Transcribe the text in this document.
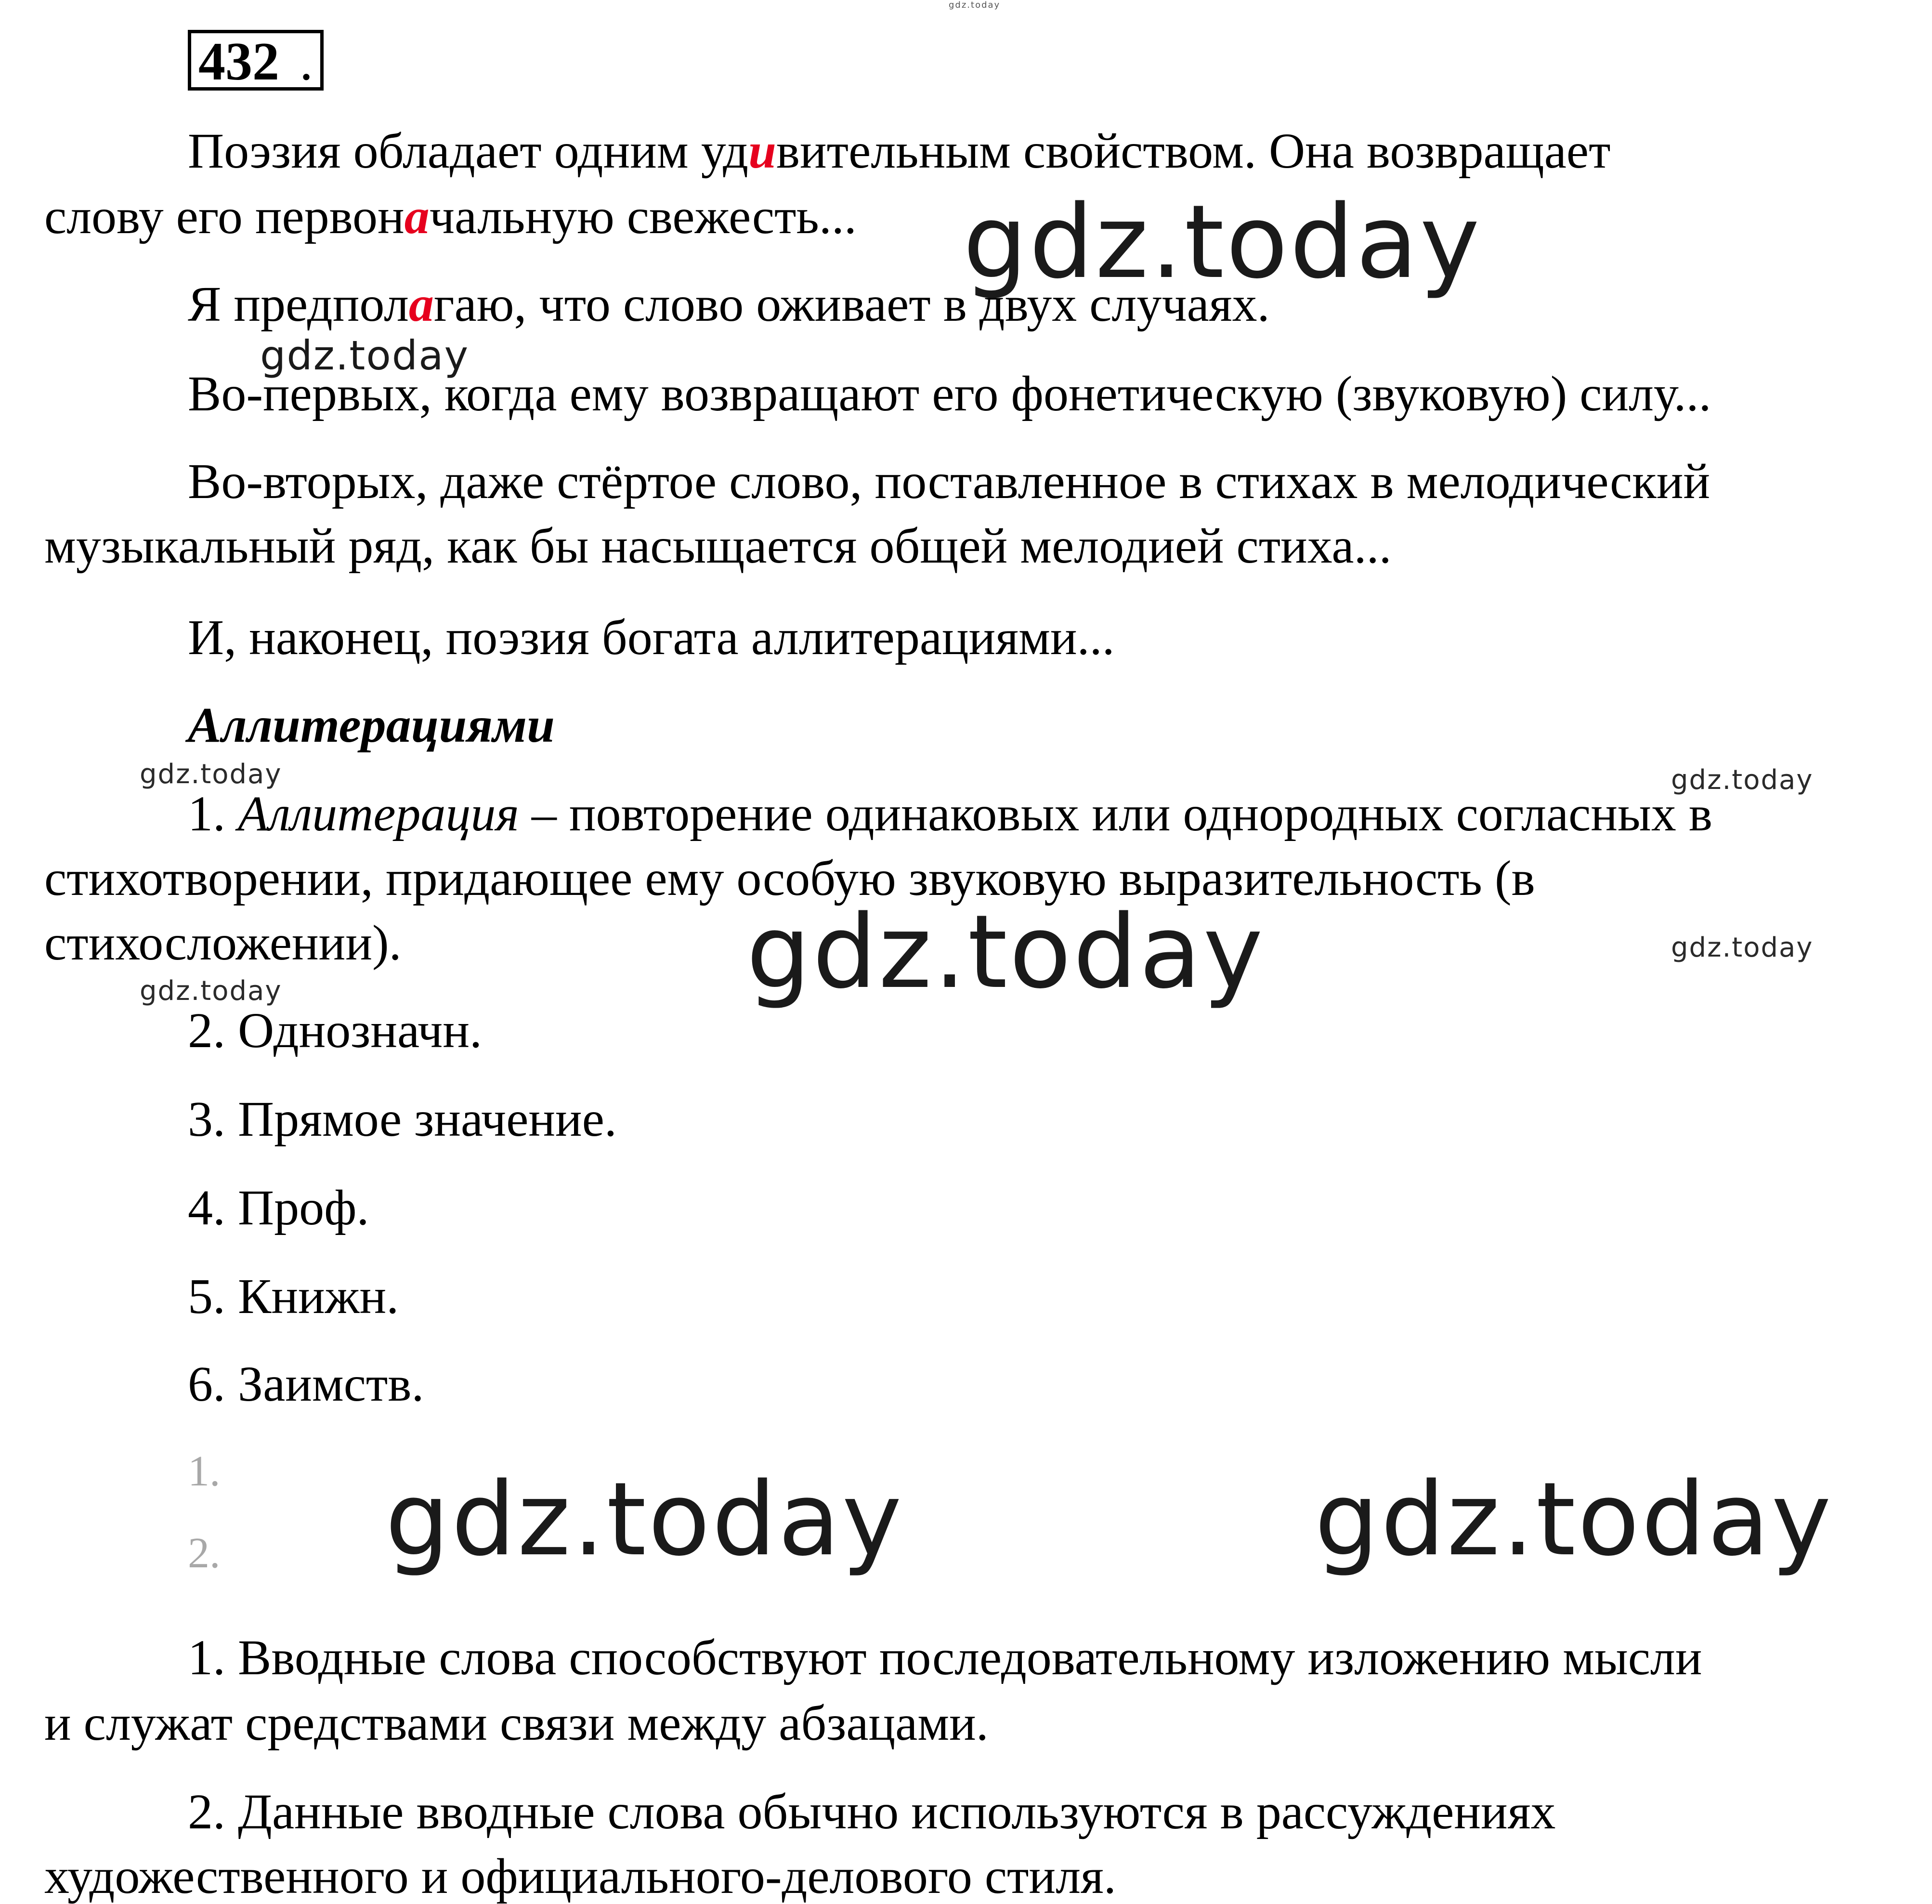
432 .
Поэзия обладает одним удивительным свойством. Она возвращает
слову его первоначальную свежесть...
Я предполагаю, что слово оживает в двух случаях.
Во-первых, когда ему возвращают его фонетическую (звуковую) силу...
Во-вторых, даже стёртое слово, поставленное в стихах в мелодический
музыкальный ряд, как бы насыщается общей мелодией стиха...
И, наконец, поэзия богата аллитерациями...
Аллитерациями
1. Аллитерация – повторение одинаковых или однородных согласных в
стихотворении, придающее ему особую звуковую выразительность (в
стихосложении).
2. Однозначн.
3. Прямое значение.
4. Проф.
5. Книжн.
6. Заимств.
1.
2.
1. Вводные слова способствуют последовательному изложению мысли
и служат средствами связи между абзацами.
2. Данные вводные слова обычно используются в рассуждениях
художественного и официального-делового стиля.
gdz.today
gdz.today
gdz.today
gdz.today	gdz.today
gdz.today	gdz.today
gdz.today
gdz.today	gdz.today
